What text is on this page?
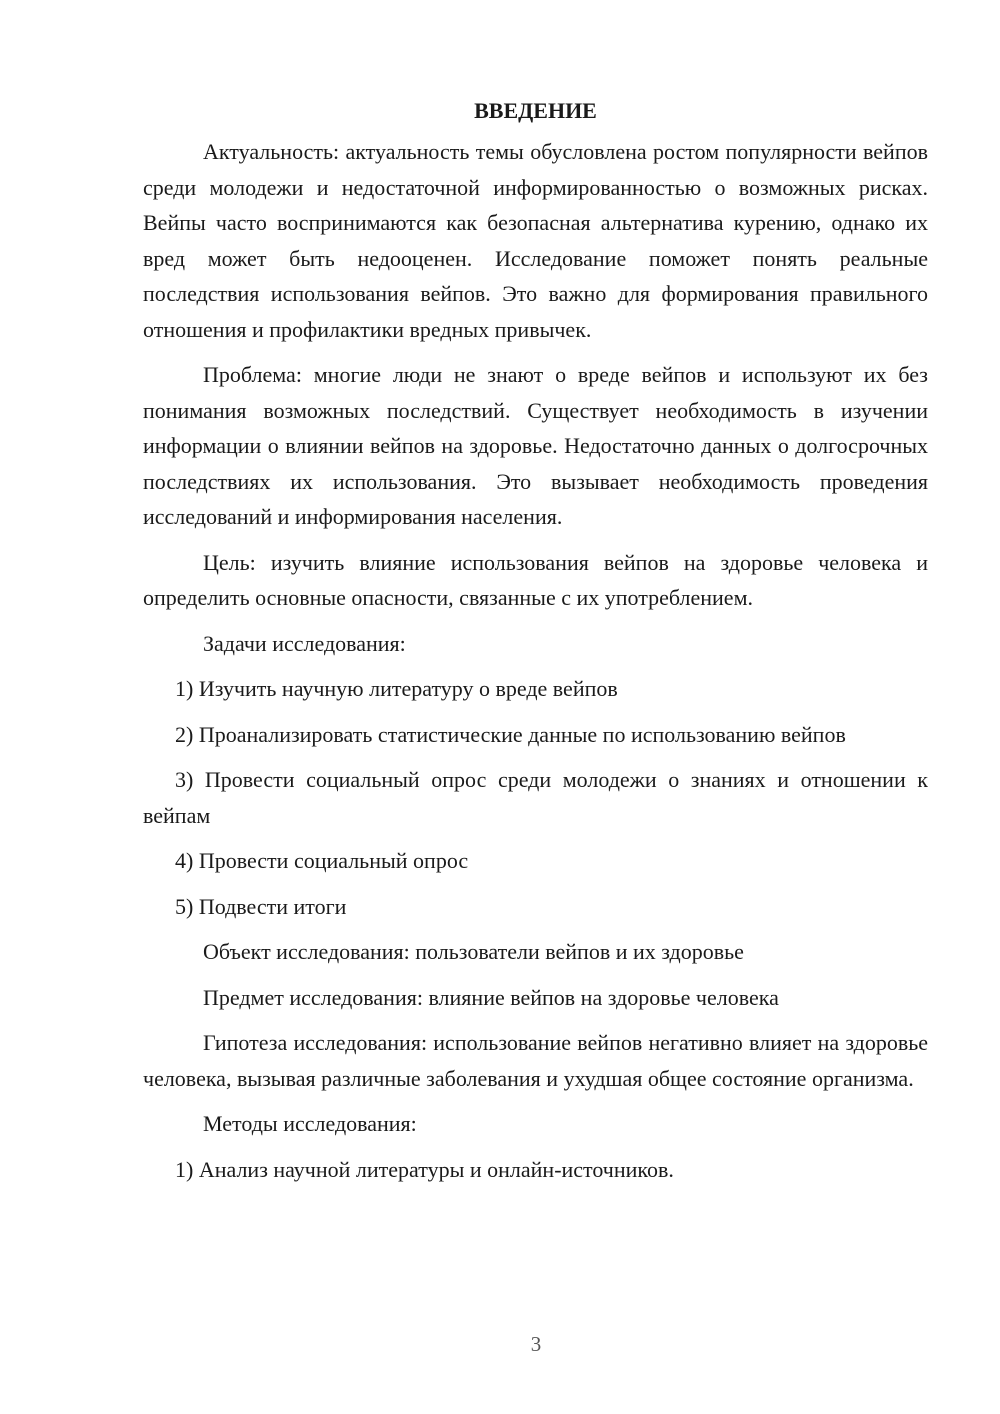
ВВЕДЕНИЕ

Актуальность: актуальность темы обусловлена ростом популярности вейпов среди молодежи и недостаточной информированностью о возможных рисках. Вейпы часто воспринимаются как безопасная альтернатива курению, однако их вред может быть недооценен. Исследование поможет понять реальные последствия использования вейпов. Это важно для формирования правильного отношения и профилактики вредных привычек.

Проблема: многие люди не знают о вреде вейпов и используют их без понимания возможных последствий. Существует необходимость в изучении информации о влиянии вейпов на здоровье. Недостаточно данных о долгосрочных последствиях их использования. Это вызывает необходимость проведения исследований и информирования населения.

Цель: изучить влияние использования вейпов на здоровье человека и определить основные опасности, связанные с их употреблением.

Задачи исследования:

1) Изучить научную литературу о вреде вейпов

2) Проанализировать статистические данные по использованию вейпов

3) Провести социальный опрос среди молодежи о знаниях и отношении к вейпам

4) Провести социальный опрос

5) Подвести итоги

Объект исследования: пользователи вейпов и их здоровье

Предмет исследования: влияние вейпов на здоровье человека

Гипотеза исследования: использование вейпов негативно влияет на здоровье человека, вызывая различные заболевания и ухудшая общее состояние организма.

Методы исследования:

1) Анализ научной литературы и онлайн-источников.

3
